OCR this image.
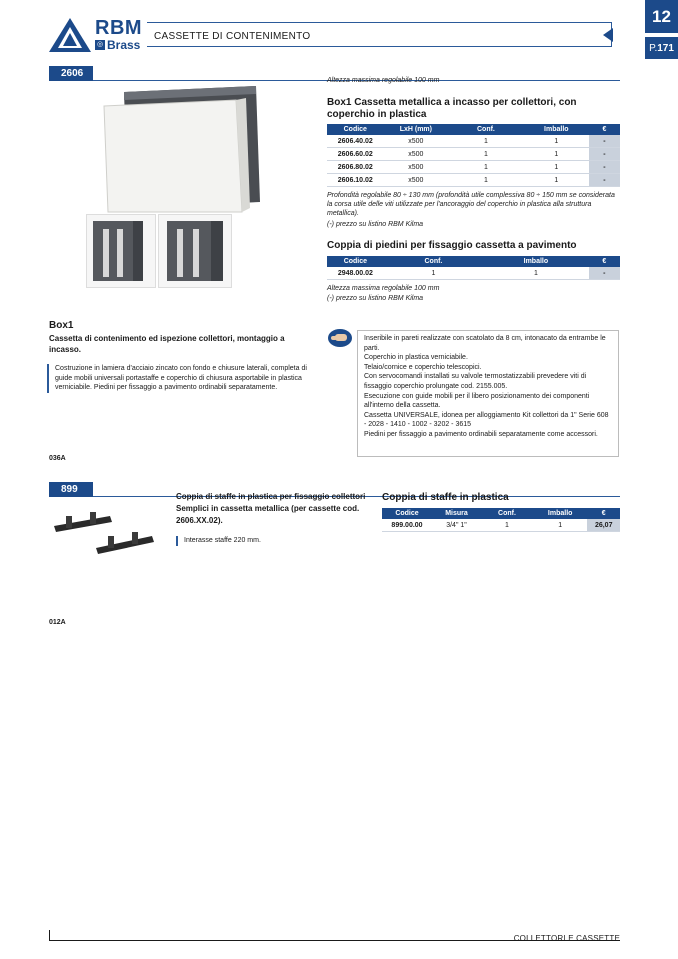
RBM
◎ Brass
CASSETTE DI CONTENIMENTO
12
P. 171
2606
Altezza massima regolabile 100 mm
Box1 Cassetta metallica a incasso per collettori, con coperchio in plastica
Codice	LxH (mm)	Conf.	Imballo	€
2606.40.02	x500	1	1	-
2606.60.02	x500	1	1	-
2606.80.02	x500	1	1	-
2606.10.02	x500	1	1	-
Profondità regolabile 80 ÷ 130 mm (profondità utile complessiva 80 ÷ 150 mm se considerata la corsa utile delle viti utilizzate per l'ancoraggio del coperchio in plastica alla struttura metallica).
(-) prezzo su listino RBM Kilma
Coppia di piedini per fissaggio cassetta a pavimento
Codice	Conf.	Imballo	€
2948.00.02	1	1	-
Altezza massima regolabile 100 mm
(-) prezzo su listino RBM Kilma
Box1
Cassetta di contenimento ed ispezione collettori, montaggio a incasso.
Costruzione in lamiera d'acciaio zincato con fondo e chiusure laterali, completa di guide mobili universali portastaffe e coperchio di chiusura asportabile in plastica verniciabile. Piedini per fissaggio a pavimento ordinabili separatamente.
Inseribile in pareti realizzate con scatolato da 8 cm, intonacato da entrambe le parti.
Coperchio in plastica verniciabile.
Telaio/cornice e coperchio telescopici.
Con servocomandi installati su valvole termostatizzabili prevedere viti di fissaggio coperchio prolungate cod. 2155.005.
Esecuzione con guide mobili per il libero posizionamento dei componenti all'interno della cassetta.
Cassetta UNIVERSALE, idonea per alloggiamento Kit collettori da 1" Serie 608 - 2028 - 1410 - 1002 - 3202 - 3615
Piedini per fissaggio a pavimento ordinabili separatamente come accessori.
036A
899
Coppia di staffe in plastica per fissaggio collettori Semplici in cassetta metallica (per cassette cod. 2606.XX.02).
Interasse staffe 220 mm.
Coppia di staffe in plastica
Codice	Misura	Conf.	Imballo	€
899.00.00	3/4" 1"	1	1	26,07
012A
COLLETTORI E CASSETTE
